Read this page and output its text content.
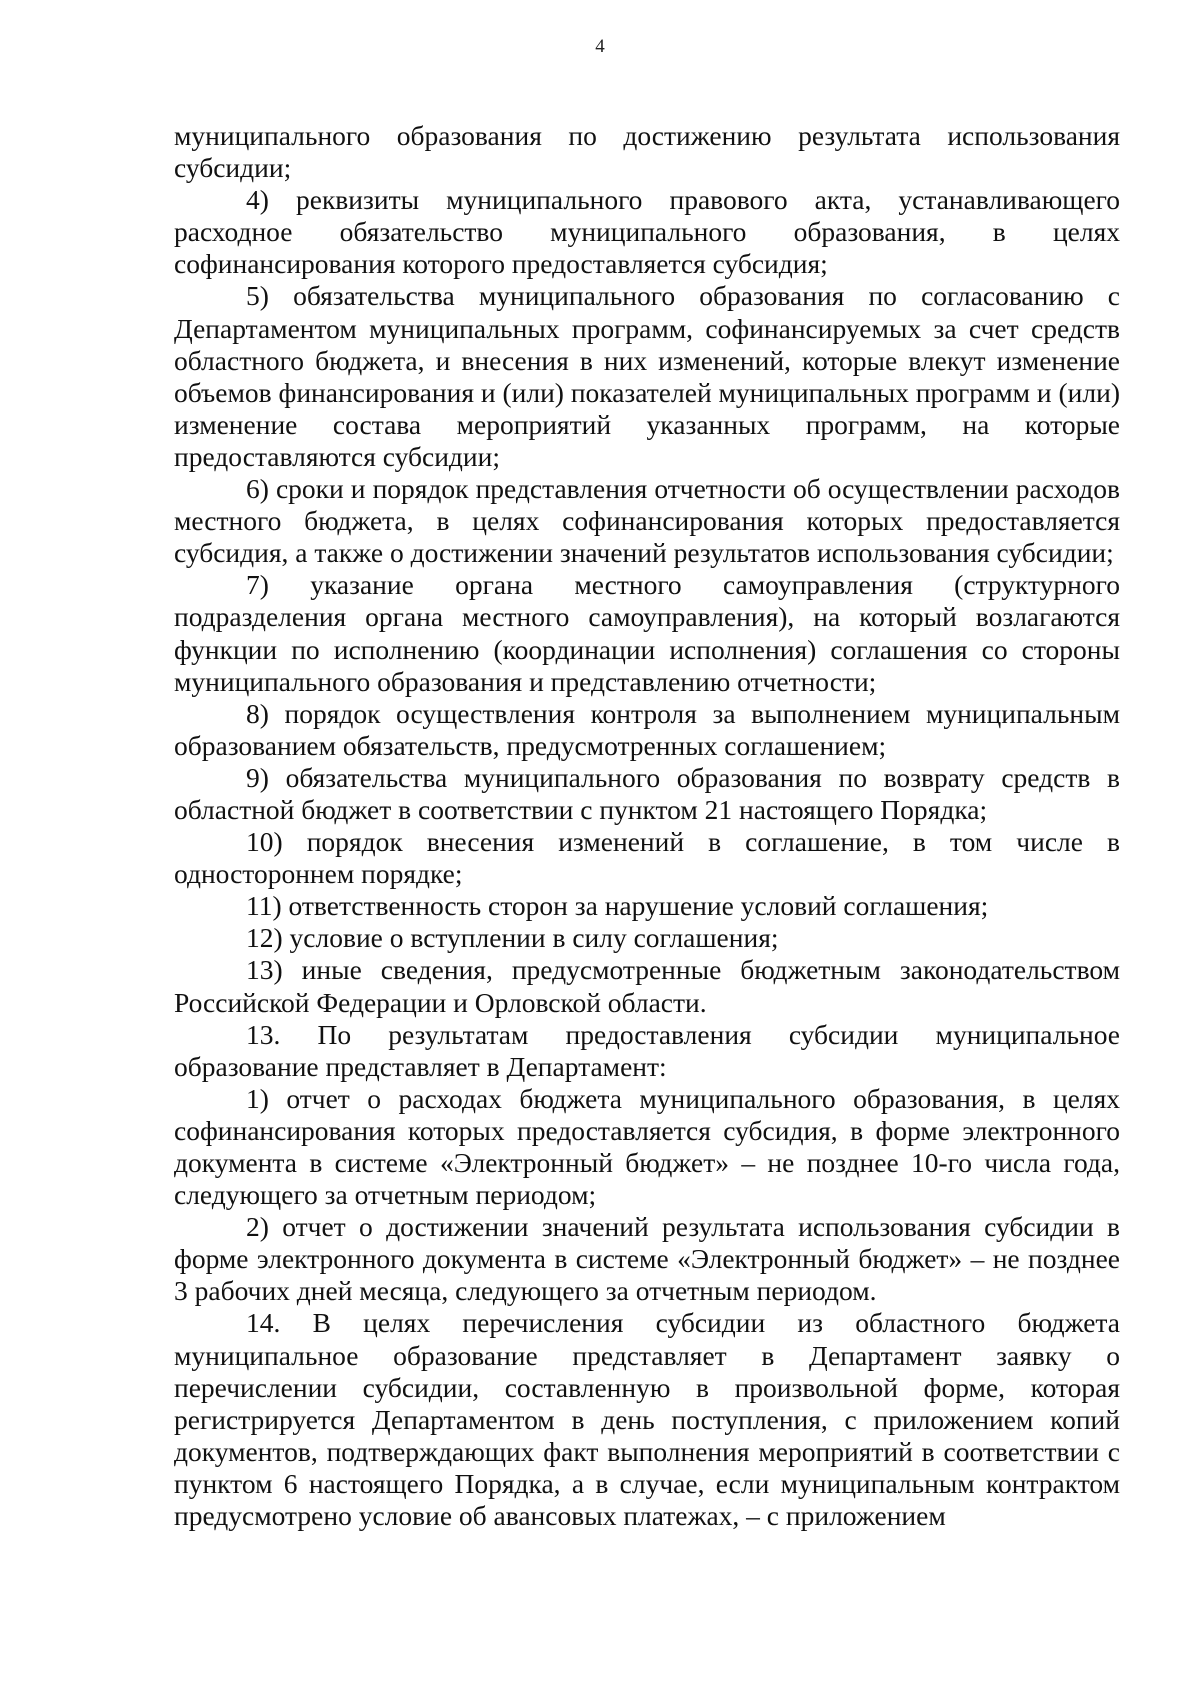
4

муниципального образования по достижению результата использования субсидии;

4) реквизиты муниципального правового акта, устанавливающего расходное обязательство муниципального образования, в целях софинансирования которого предоставляется субсидия;

5) обязательства муниципального образования по согласованию с Департаментом муниципальных программ, софинансируемых за счет средств областного бюджета, и внесения в них изменений, которые влекут изменение объемов финансирования и (или) показателей муниципальных программ и (или) изменение состава мероприятий указанных программ, на которые предоставляются субсидии;

6) сроки и порядок представления отчетности об осуществлении расходов местного бюджета, в целях софинансирования которых предоставляется субсидия, а также о достижении значений результатов использования субсидии;

7) указание органа местного самоуправления (структурного подразделения органа местного самоуправления), на который возлагаются функции по исполнению (координации исполнения) соглашения со стороны муниципального образования и представлению отчетности;

8) порядок осуществления контроля за выполнением муниципальным образованием обязательств, предусмотренных соглашением;

9) обязательства муниципального образования по возврату средств в областной бюджет в соответствии с пунктом 21 настоящего Порядка;

10) порядок внесения изменений в соглашение, в том числе в одностороннем порядке;

11) ответственность сторон за нарушение условий соглашения;

12) условие о вступлении в силу соглашения;

13) иные сведения, предусмотренные бюджетным законодательством Российской Федерации и Орловской области.

13. По результатам предоставления субсидии муниципальное образование представляет в Департамент:

1) отчет о расходах бюджета муниципального образования, в целях софинансирования которых предоставляется субсидия, в форме электронного документа в системе «Электронный бюджет» – не позднее 10-го числа года, следующего за отчетным периодом;

2) отчет о достижении значений результата использования субсидии в форме электронного документа в системе «Электронный бюджет» – не позднее 3 рабочих дней месяца, следующего за отчетным периодом.

14. В целях перечисления субсидии из областного бюджета муниципальное образование представляет в Департамент заявку о перечислении субсидии, составленную в произвольной форме, которая регистрируется Департаментом в день поступления, с приложением копий документов, подтверждающих факт выполнения мероприятий в соответствии с пунктом 6 настоящего Порядка, а в случае, если муниципальным контрактом предусмотрено условие об авансовых платежах, – с приложением
